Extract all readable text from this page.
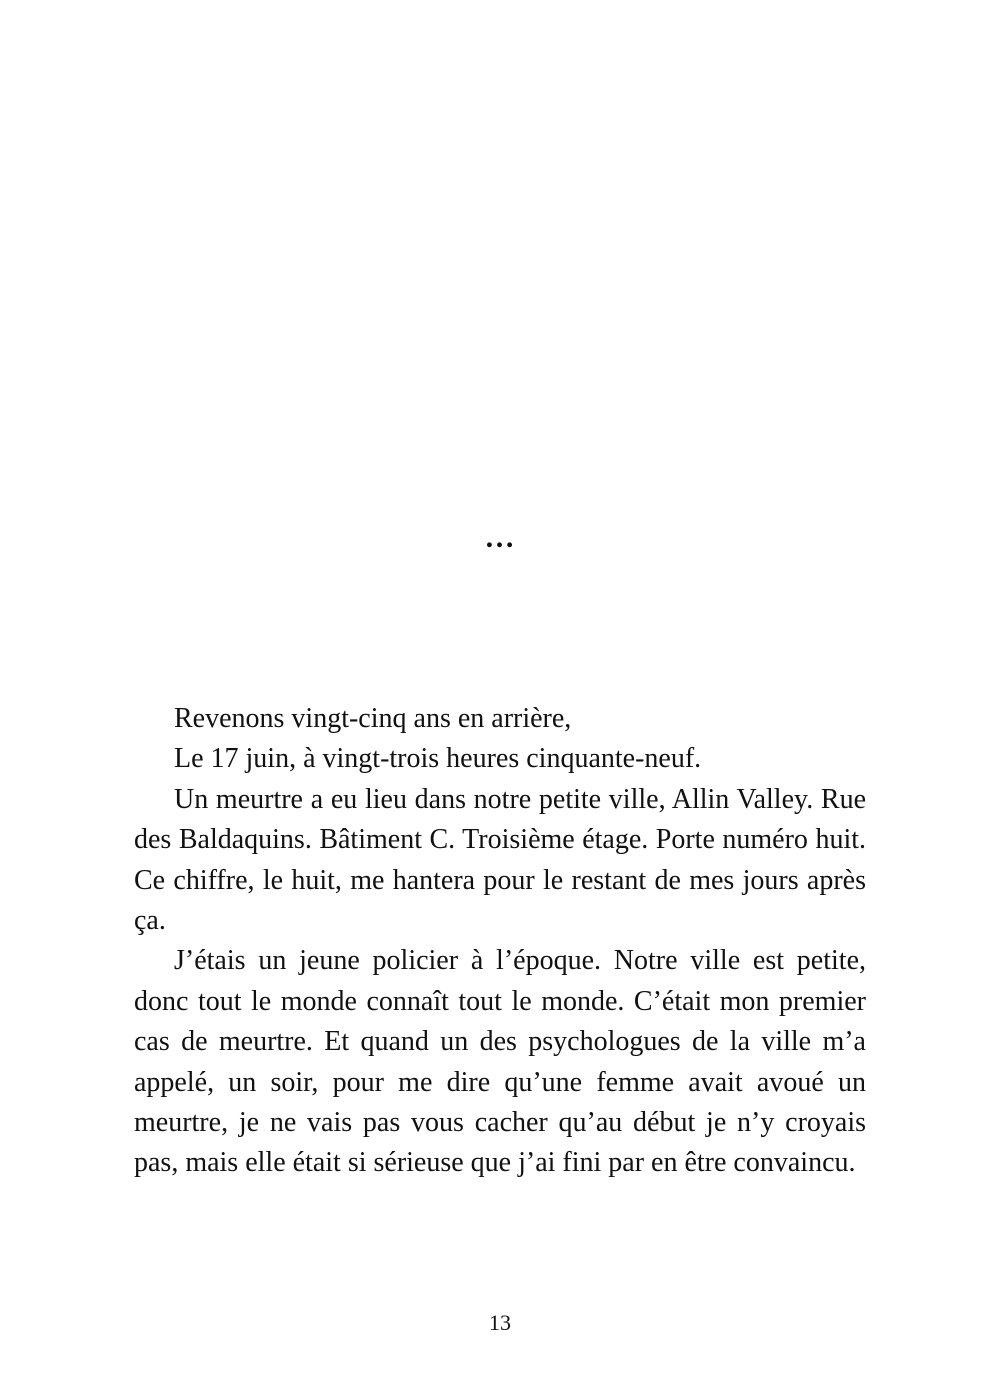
…

Revenons vingt-cinq ans en arrière,

Le 17 juin, à vingt-trois heures cinquante-neuf.

Un meurtre a eu lieu dans notre petite ville, Allin Valley. Rue des Baldaquins. Bâtiment C. Troisième étage. Porte numéro huit. Ce chiffre, le huit, me hantera pour le restant de mes jours après ça.

J’étais un jeune policier à l’époque. Notre ville est petite, donc tout le monde connaît tout le monde. C’était mon premier cas de meurtre. Et quand un des psychologues de la ville m’a appelé, un soir, pour me dire qu’une femme avait avoué un meurtre, je ne vais pas vous cacher qu’au début je n’y croyais pas, mais elle était si sérieuse que j’ai fini par en être convaincu.

13
